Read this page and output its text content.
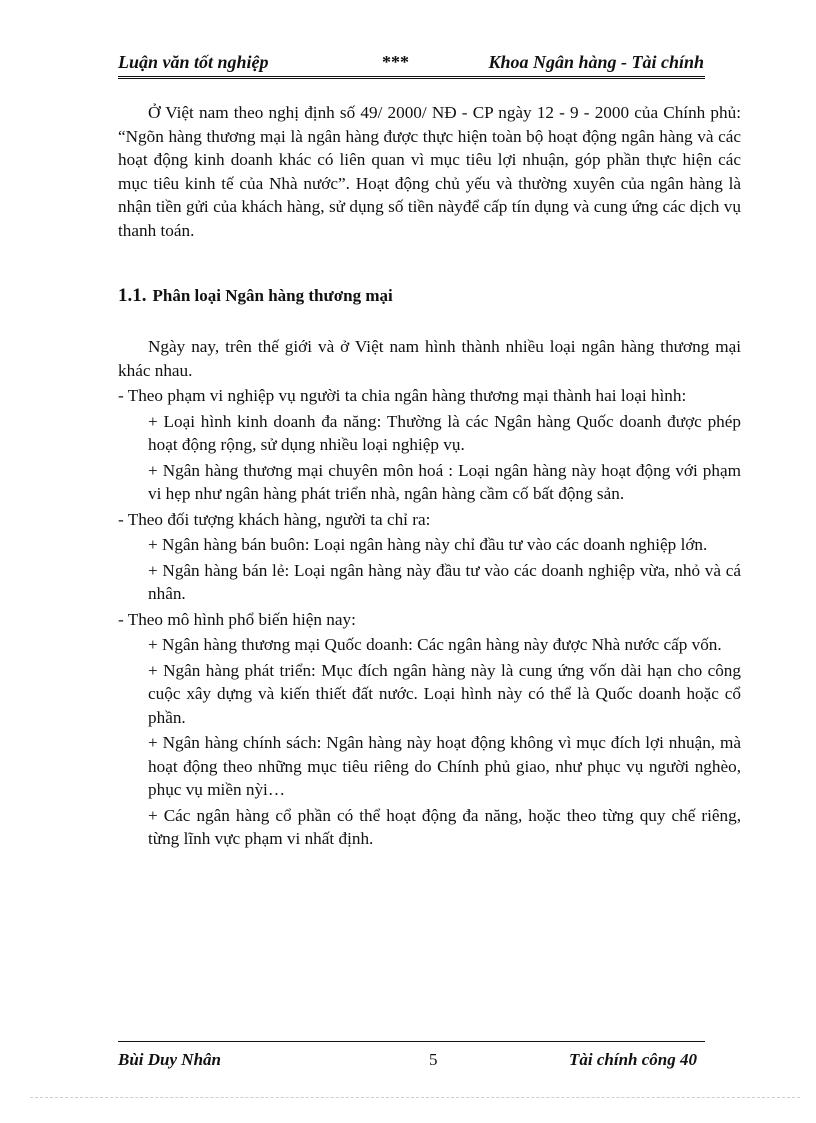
Luận văn tốt nghiệp	***	Khoa Ngân hàng - Tài chính
Ở Việt nam theo nghị định số 49/ 2000/ NĐ - CP ngày 12 - 9 - 2000 của Chính phủ: “Ngõn hàng thương mại là ngân hàng được thực hiện toàn bộ hoạt động ngân hàng và các hoạt động kinh doanh khác có liên quan vì mục tiêu lợi nhuận, góp phần thực hiện các mục tiêu kinh tế của Nhà nước”. Hoạt động chủ yếu và thường xuyên của ngân hàng là nhận tiền gửi của khách hàng, sử dụng số tiền nàyđể cấp tín dụng và cung ứng các dịch vụ thanh toán.
1.1. Phân loại Ngân hàng thương mại
Ngày nay, trên thế giới và ở Việt nam hình thành nhiều loại ngân hàng thương mại khác nhau.
- Theo phạm vi nghiệp vụ người ta chia ngân hàng thương mại thành hai loại hình:
+ Loại hình kinh doanh đa năng: Thường là các Ngân hàng Quốc doanh được phép hoạt động rộng, sử dụng nhiều loại nghiệp vụ.
+ Ngân hàng thương mại chuyên môn hoá : Loại ngân hàng này hoạt động với phạm vi hẹp như ngân hàng phát triển nhà, ngân hàng cầm cố bất động sản.
- Theo đối tượng khách hàng, người ta chỉ ra:
+ Ngân hàng bán buôn: Loại ngân hàng này chỉ đầu tư vào các doanh nghiệp lớn.
+ Ngân hàng bán lẻ: Loại ngân hàng này đầu tư vào các doanh nghiệp vừa, nhỏ và cá nhân.
- Theo mô hình phổ biến hiện nay:
+ Ngân hàng thương mại Quốc doanh: Các ngân hàng này được Nhà nước cấp vốn.
+ Ngân hàng phát triển: Mục đích ngân hàng này là cung ứng vốn dài hạn cho công cuộc xây dựng và kiến thiết đất nước. Loại hình này có thể là Quốc doanh hoặc cổ phần.
+ Ngân hàng chính sách: Ngân hàng này hoạt động không vì mục đích lợi nhuận, mà hoạt động theo những mục tiêu riêng do Chính phủ giao, như phục vụ người nghèo, phục vụ miền nỳi…
+ Các ngân hàng cổ phần có thể hoạt động đa năng, hoặc theo từng quy chế riêng, từng lĩnh vực phạm vi nhất định.
Bùi Duy Nhân	5	Tài chính công 40
